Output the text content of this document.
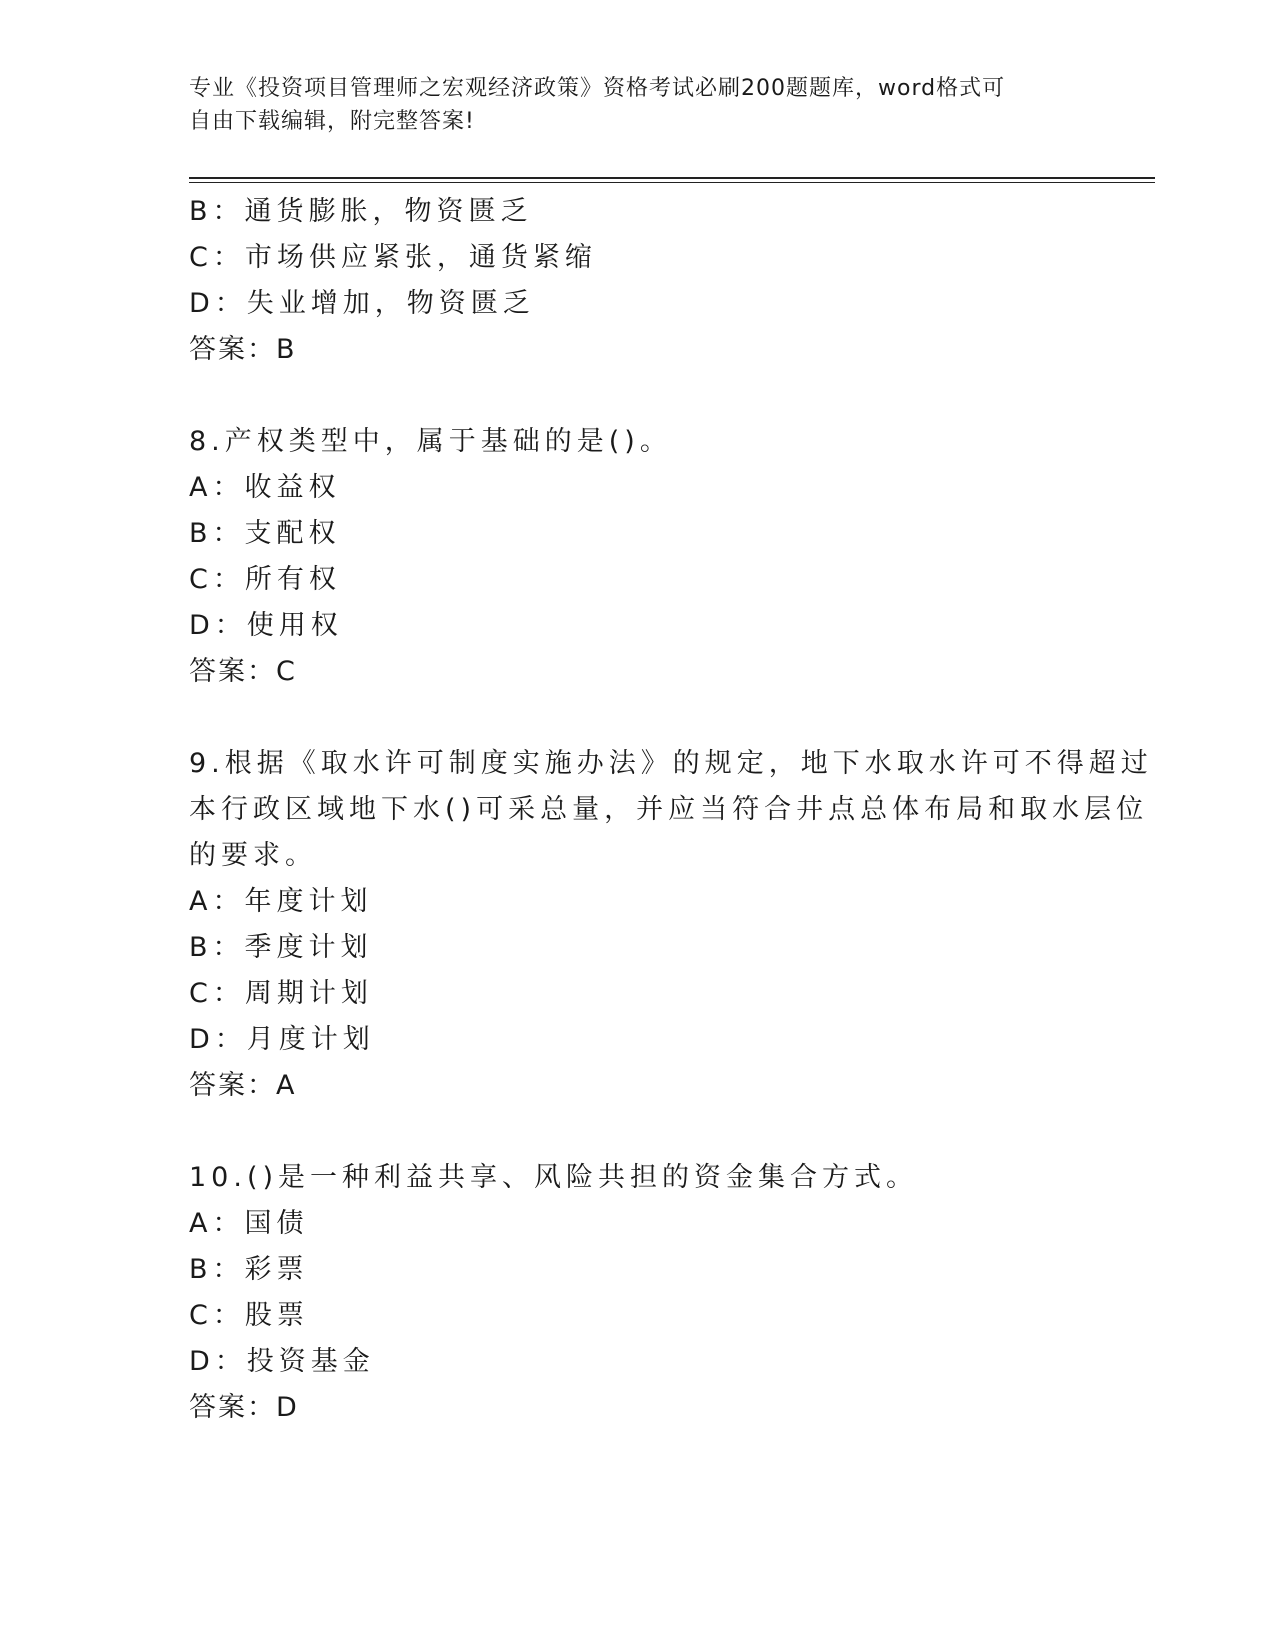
专业《投资项目管理师之宏观经济政策》资格考试必刷200题题库，word格式可
自由下载编辑，附完整答案!
B：通货膨胀，物资匮乏
C：市场供应紧张，通货紧缩
D：失业增加，物资匮乏
答案：B
8.产权类型中，属于基础的是()。
A：收益权
B：支配权
C：所有权
D：使用权
答案：C
9.根据《取水许可制度实施办法》的规定，地下水取水许可不得超过
本行政区域地下水()可采总量，并应当符合井点总体布局和取水层位
的要求。
A：年度计划
B：季度计划
C：周期计划
D：月度计划
答案：A
10.()是一种利益共享、风险共担的资金集合方式。
A：国债
B：彩票
C：股票
D：投资基金
答案：D
